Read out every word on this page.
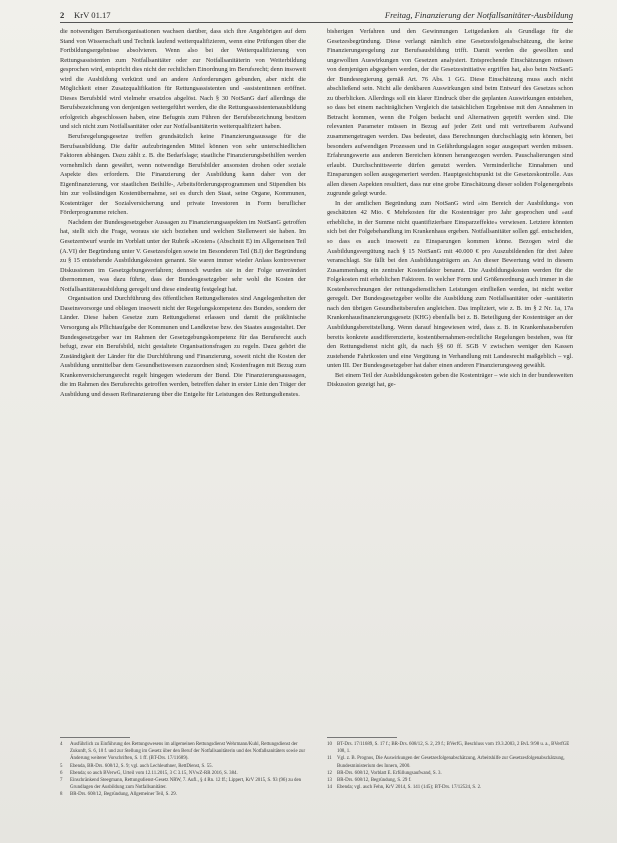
2 KrV 01.17	Freitag, Finanzierung der Notfallsanitäter-Ausbildung

die notwendigen Berufsorganisationen wachsen darüber, dass sich ihre Angehörigen auf dem Stand von Wissenschaft und Technik laufend weiterqualifizieren, wenn eine Prüfungen über die Fortbildungsergebnisse absolvieren. Wenn also bei der Weiterqualifizierung von Rettungsassistenten zum Notfallsanitäter oder zur Notfallsanitäterin von Weiterbildung gesprochen wird, entspricht dies nicht der rechtlichen Einordnung im Berufsrecht; denn insoweit wird die Ausbildung verkürzt und an andere Anforderungen gebunden, aber nicht die Möglichkeit einer Zusatzqualifikation für Rettungsassistenten und -assistentinnen eröffnet. Dieses Berufsbild wird vielmehr ersatzlos abgelöst. Nach § 30 NotSanG darf allerdings die Berufsbezeichnung von denjenigen weitergeführt werden, die die Rettungsassistentenausbildung erfolgreich abgeschlossen haben, eine Befugnis zum Führen der Berufsbezeichnung besitzen und sich nicht zum Notfallsanitäter oder zur Notfallsanitäterin weiterqualifiziert haben.

Berufsregelungsgesetze treffen grundsätzlich keine Finanzierungsaussage für die Berufsausbildung. Die dafür aufzubringenden Mittel können von sehr unterschiedlichen Faktoren abhängen. Dazu zählt z. B. die Bedarfslage; staatliche Finanzierungsbeihilfen werden vornehmlich dann gewährt, wenn notwendige Berufsbilder ansonsten drohen oder soziale Aspekte dies erfordern. Die Finanzierung der Ausbildung kann daher von der Eigenfinanzierung, vor staatlichen Beihilfe-, Arbeitsförderungsprogrammen und Stipendien bis hin zur vollständigen Kostenübernahme, sei es durch den Staat, seine Organe, Kommunen, Kostenträger der Sozialversicherung und private Investoren in Form beruflicher Förderprogramme reichen.

Nachdem der Bundesgesetzgeber Aussagen zu Finanzierungsaspekten im NotSanG getroffen hat, stellt sich die Frage, woraus sie sich beziehen und welchen Stellenwert sie haben. Im Gesetzentwurf wurde im Vorblatt unter der Rubrik »Kosten« (Abschnitt E) im Allgemeinen Teil (A.VI) der Begründung unter V. Gesetzesfolgen sowie im Besonderen Teil (B.I) der Begründung zu § 15 entstehende Ausbildungskosten genannt. Sie waren immer wieder Anlass kontroverser Diskussionen im Gesetzgebungsverfahren; dennoch wurden sie in der Folge unverändert übernommen, was dazu führte, dass der Bundesgesetzgeber sehr wohl die Kosten der Notfallsanitäterausbildung geregelt und diese eindeutig festgelegt hat.

Organisation und Durchführung des öffentlichen Rettungsdienstes sind Angelegenheiten der Daseinsvorsorge und obliegen insoweit nicht der Regelungskompetenz des Bundes, sondern der Länder. Diese haben Gesetze zum Rettungsdienst erlassen und damit die präklinische Versorgung als Pflichtaufgabe der Kommunen und Landkreise bzw. des Staates ausgestaltet. Der Bundesgesetzgeber war im Rahmen der Gesetzgebungskompetenz für das Berufsrecht auch befugt, zwar ein Berufsbild, nicht gestaltete Organisationsfragen zu regeln. Dazu gehört die Zuständigkeit der Länder für die Durchführung und Finanzierung, soweit nicht die Kosten der Ausbildung unmittelbar dem Gesundheitswesen zuzuordnen sind; Kostenfragen mit Bezug zum Krankenversicherungsrecht regelt hingegen wiederum der Bund. Die Finanzierungsaussagen, die im Rahmen des Berufsrechts getroffen werden, betreffen daher in erster Linie den Träger der Ausbildung und dessen Refinanzierung über die Entgelte für Leistungen des Rettungsdienstes.

bisherigen Verfahren und den Gewinnungen Leitgedanken als Grundlage für die Gesetzesbegründung. Diese verlangt nämlich eine Gesetzesfolgenabschätzung, die keine Finanzierungsregelung zur Berufsausbildung trifft. Damit werden die gewollten und ungewollten Auswirkungen von Gesetzen analysiert. Entsprechende Einschätzungen müssen von demjenigen abgegeben werden, der die Gesetzesinitiative ergriffen hat, also beim NotSanG der Bundesregierung gemäß Art. 76 Abs. 1 GG. Diese Einschätzung muss auch nicht abschließend sein. Nicht alle denkbaren Auswirkungen sind beim Entwurf des Gesetzes schon zu überblicken. Allerdings soll ein klarer Eindruck über die geplanten Auswirkungen entstehen, so dass bei einem nachträglichen Vergleich die tatsächlichen Ergebnisse mit den Annahmen in Betracht kommen, wenn die Folgen bedacht und Alternativen geprüft werden sind. Die relevanten Parameter müssen in Bezug auf jeder Zeit und mit vertretbarem Aufwand zusammengetragen werden. Das bedeutet, dass Berechnungen durchschlagig sein können, bei besonders aufwendigen Prozessen und in Gefährdungslagen sogar ausgespart werden müssen. Erfahrungswerte aus anderen Bereichen können herangezogen werden. Pauschalierungen sind erlaubt. Durchschnittswerte dürfen genutzt werden. Verminderliche Einnahmen und Einsparungen sollen ausgegeneriert werden. Hauptgesichtspunkt ist die Gesetzeskontrolle. Aus allen diesen Aspekten resultiert, dass nur eine grobe Einschätzung dieser soliden Folgenergebnis zugrunde gelegt wurde.

In der amtlichen Begründung zum NotSanG wird »im Bereich der Ausbildung« von geschätzten 42 Mio. € Mehrkosten für die Kostenträger pro Jahr gesprochen und »auf erhebliche, in der Summe nicht quantifizierbare Einsparzeffekte« verwiesen. Letztere könnten sich bei der Folgebehandlung im Krankenhaus ergeben. Notfallsanitäter sollen ggf. entscheiden, so dass es auch insoweit zu Einsparungen kommen könne. Bezogen wird die Ausbildungsvergütung nach § 15 NotSanG mit 40.000 € pro Auszubildenden für drei Jahre veranschlagt. Sie fällt bei den Ausbildungsträgern an. An dieser Bewertung wird in diesem Zusammenhang ein zentraler Kostenfaktor benannt. Die Ausbildungskosten werden für die Folgekosten mit erheblichen Faktoren. In welcher Form und Größenordnung auch immer in die Kostenberechnungen der rettungsdienstlichen Leistungen einfließen werden, ist nicht weiter geregelt. Der Bundesgesetzgeber wollte die Ausbildung zum Notfallsanitäter oder -sanitäterin nach den übrigen Gesundheitsberufen angleichen. Das impliziert, wie z. B. im § 2 Nr. 1a, 17a Krankenhausfinanzierungsgesetz (KHG) ebenfalls bei z. B. Beteiligung der Kostenträger an der Ausbildungsbereitstellung. Wenn darauf hingewiesen wird, dass z. B. in Krankenhausberufen bereits konkrete ausdifferenzierte, kostenübernahmen-rechtliche Regelungen bestehen, was für den Rettungsdienst nicht gilt, da nach §§ 60 ff. SGB V zwischen weniger den Kassen zustehende Fahrtkosten und eine Vergütung in Verhandlung mit Landesrecht maßgeblich – vgl. unten III. Der Bundesgesetzgeber hat daher einen anderen Finanzierungsweg gewählt.

Bei einem Teil der Ausbildungskosten geben die Kostenträger – wie sich in der bundesweiten Diskussion gezeigt hat, ge-

4 Ausführlich zu Einführung des Rettungswesens im allgemeinen Rettungsdienst Wehrmann/Kuhl, Rettungsdienst der Zukunft, S. 6, 10 f. und zur Stellung im Gesetz über den Beruf der Notfallsanitäterin und des Notfallsanitäters sowie zur Änderung weiterer Vorschriften, S. 1 ff. (BT-Drs. 17/11689).
5 Ebenda, BR-Drs. 608/12, S. 9; vgl. auch Lechleuthner, RettDienst, S. 55.
6 Ebenda; so auch BVerwG, Urteil vom 12.11.2015, 3 C 3.15, NVwZ-RR 2016, S. 384.
7 Einschränkend Steegmann, Rettungsdienst-Gesetz NRW, 7. Aufl., § 4 Rn. 12 ff.; Lippert, KrV 2015, S. 93 (96) zu den Grundlagen der Ausbildung zum Notfallsanitäter.
8 BR-Drs. 608/12, Begründung, Allgemeiner Teil, S. 29.
10 BT-Drs. 17/11689, S. 17 f.; BR-Drs. 608/12, S. 2, 29 f.; BVerfG, Beschluss vom 19.3.2003, 2 BvL 9/98 u. a., BVerfGE 108, 1.
11 Vgl. z. B. Prognos, Die Auswirkungen der Gesetzesfolgenabschätzung, Arbeitshilfe zur Gesetzesfolgenabschätzung, Bundesministerium des Innern, 2000.
12 BR-Drs. 608/12, Vorblatt E. Erfüllungsaufwand, S. 3.
13 BR-Drs. 608/12, Begründung, S. 29 f.
14 Ebenda; vgl. auch Fehn, KrV 2014, S. 141 (145); BT-Drs. 17/12524, S. 2.
